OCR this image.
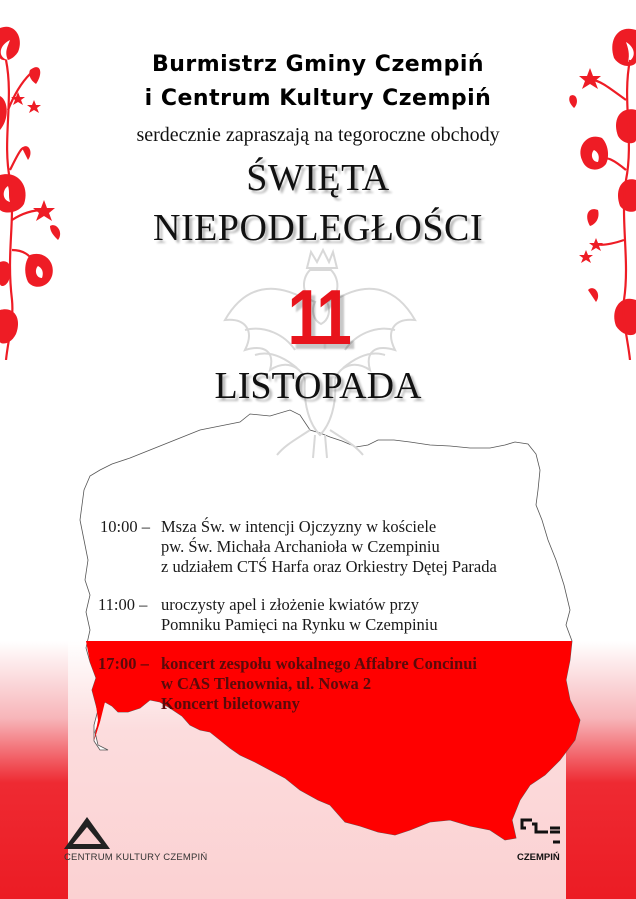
Burmistrz Gminy Czempiń
i Centrum Kultury Czempiń
serdecznie zapraszają na tegoroczne obchody
ŚWIĘTA
NIEPODLEGŁOŚCI
11
LISTOPADA
10:00 – Msza Św. w intencji Ojczyzny w kościele
pw. Św. Michała Archanioła w Czempiniu
z udziałem CTŚ Harfa oraz Orkiestry Dętej Parada
11:00 – uroczysty apel i złożenie kwiatów przy
Pomniku Pamięci na Rynku w Czempiniu
17:00 – koncert zespołu wokalnego Affabre Concinui
w CAS Tlenownia, ul. Nowa 2
Koncert biletowany
CENTRUM KULTURY CZEMPIŃ	CZEMPIŃ
